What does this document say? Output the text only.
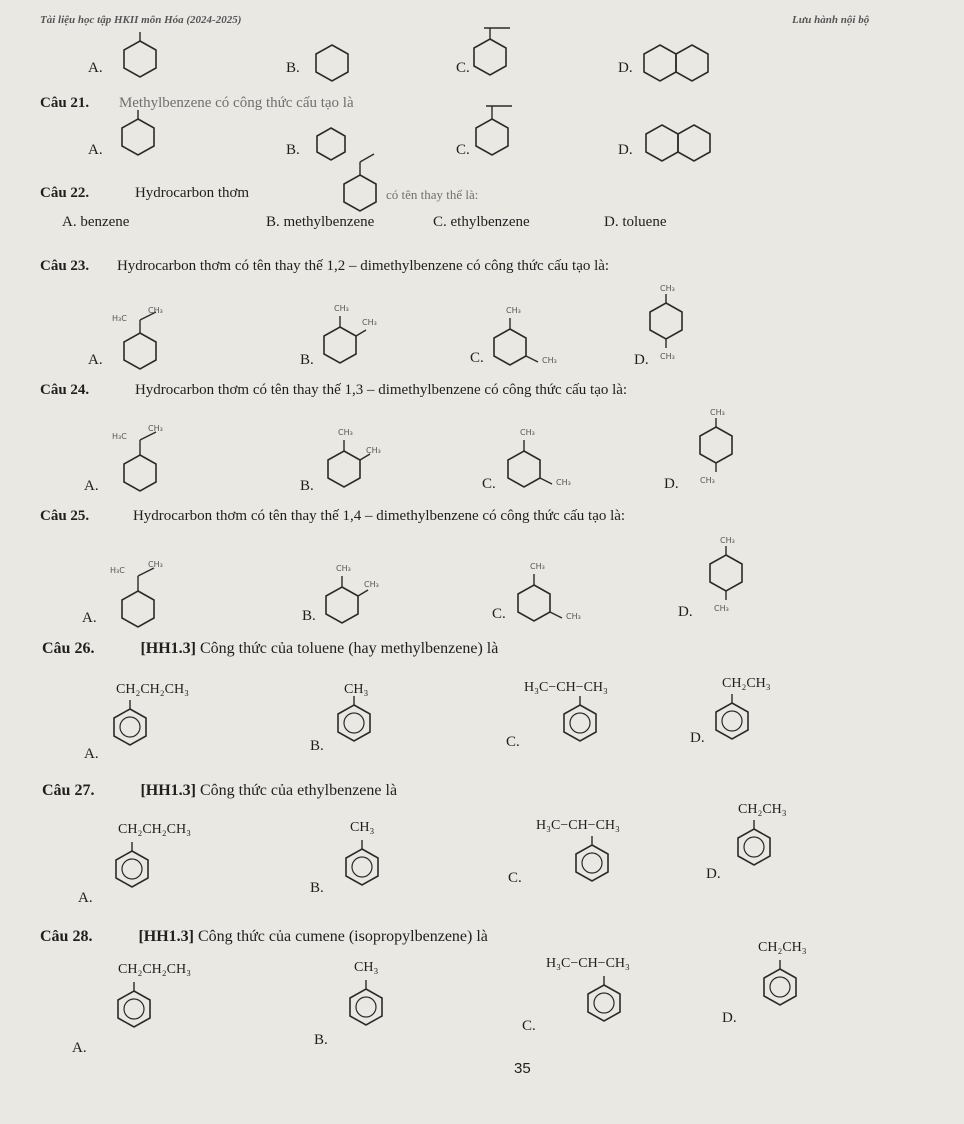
Tài liệu học tập HKII môn Hóa (2024-2025)	Lưu hành nội bộ
A.	B.	C.	D.
Câu 21. Methylbenzene có công thức cấu tạo là
A.	B.	C.	D.
Câu 22.	Hydrocarbon thơm	có tên thay thế là:
A. benzene	B. methylbenzene	C. ethylbenzene	D. toluene
Câu 23. Hydrocarbon thơm có tên thay thế 1,2 – dimethylbenzene có công thức cấu tạo là:
A.	B.	C.	D.
H₃C
CH₃	CH₃
CH₃
CH₃
CH₃
CH₃
CH₃
Câu 24.	Hydrocarbon thơm có tên thay thế 1,3 – dimethylbenzene có công thức cấu tạo là:
A.	B.	C.	D.
H₃C
CH₃	CH₃
CH₃
CH₃
CH₃
CH₃
CH₃
Câu 25.	Hydrocarbon thơm có tên thay thế 1,4 – dimethylbenzene có công thức cấu tạo là:
A.	B.	C.	D.
H₃C
CH₃	CH₃
CH₃
CH₃
CH₃
CH₃
CH₃
Câu 26.	[HH1.3] Công thức của toluene (hay methylbenzene) là
CH₂CH₂CH₃	CH₃	H₃C−CH−CH₃	CH₂CH₃
A.	B.	C.	D.
Câu 27.	[HH1.3] Công thức của ethylbenzene là
CH₂CH₂CH₃	CH₃	H₃C−CH−CH₃
CH₂CH₃
A.
B.
C.	D.
Câu 28.	[HH1.3] Công thức của cumene (isopropylbenzene) là
CH₂CH₂CH₃	CH₃	H₃C−CH−CH₃
CH₂CH₃
A.	B.
C.	D.
35
